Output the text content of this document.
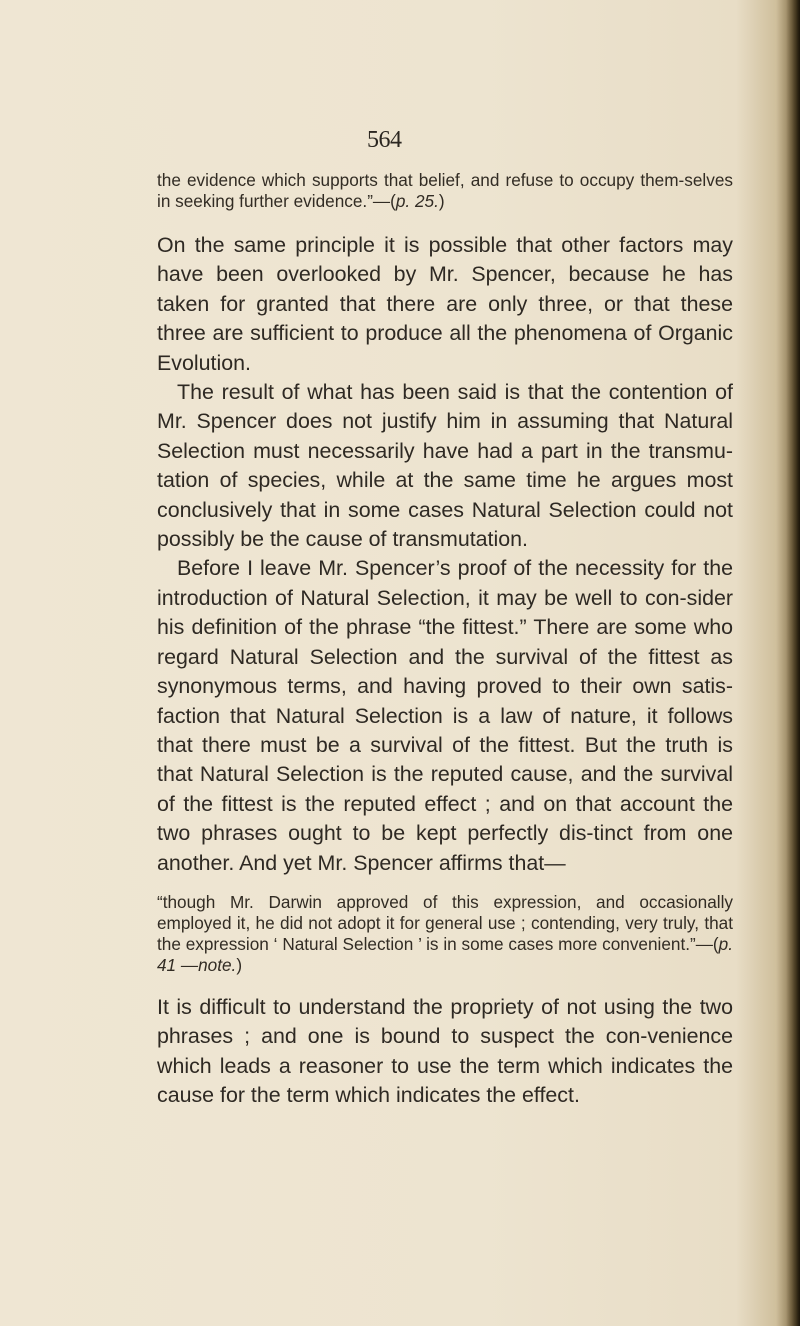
564

the evidence which supports that belief, and refuse to occupy them-selves in seeking further evidence.”—(p. 25.)

On the same principle it is possible that other factors may have been overlooked by Mr. Spencer, because he has taken for granted that there are only three, or that these three are sufficient to produce all the phenomena of Organic Evolution.

The result of what has been said is that the contention of Mr. Spencer does not justify him in assuming that Natural Selection must necessarily have had a part in the transmu-tation of species, while at the same time he argues most conclusively that in some cases Natural Selection could not possibly be the cause of transmutation.

Before I leave Mr. Spencer’s proof of the necessity for the introduction of Natural Selection, it may be well to con-sider his definition of the phrase “the fittest.” There are some who regard Natural Selection and the survival of the fittest as synonymous terms, and having proved to their own satis-faction that Natural Selection is a law of nature, it follows that there must be a survival of the fittest. But the truth is that Natural Selection is the reputed cause, and the survival of the fittest is the reputed effect ; and on that account the two phrases ought to be kept perfectly dis-tinct from one another. And yet Mr. Spencer affirms that—

“though Mr. Darwin approved of this expression, and occasionally employed it, he did not adopt it for general use ; contending, very truly, that the expression ‘ Natural Selection ’ is in some cases more convenient.”—(p. 41 —note.)

It is difficult to understand the propriety of not using the two phrases ; and one is bound to suspect the con-venience which leads a reasoner to use the term which indicates the cause for the term which indicates the effect.
